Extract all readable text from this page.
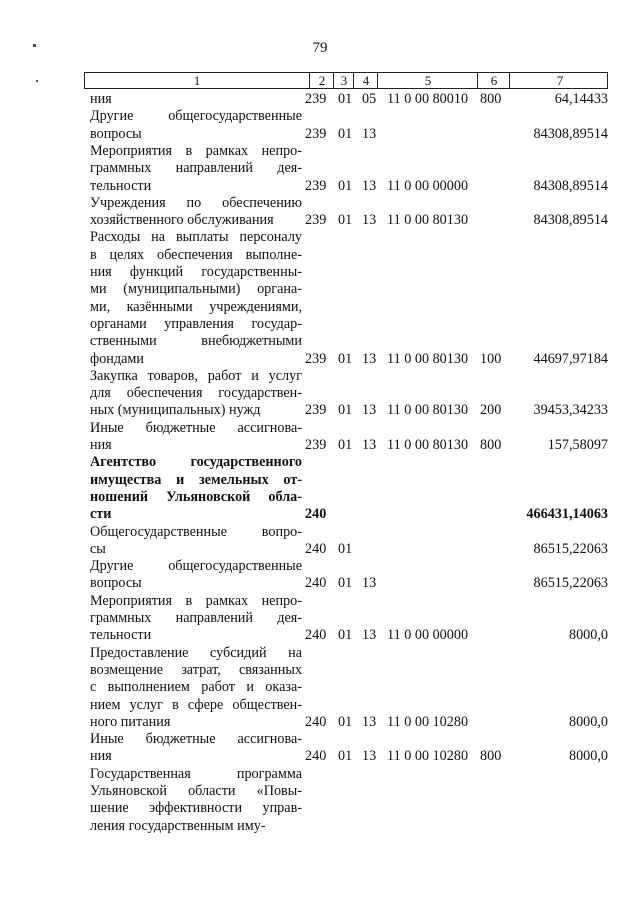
79
1	2	3	4	5	6	7
ния	239 01 05 11 0 00 80010 800	64,14433
Другие общегосударственные
вопросы	239 01 13	84308,89514
Мероприятия в рамках непро-
граммных направлений дея-
тельности	239 01 13 11 0 00 00000	84308,89514
Учреждения по обеспечению
хозяйственного обслуживания	239 01 13 11 0 00 80130	84308,89514
Расходы на выплаты персоналу
в целях обеспечения выполне-
ния функций государственны-
ми (муниципальными) органа-
ми, казёнными учреждениями,
органами управления государ-
ственными внебюджетными
фондами	239 01 13 11 0 00 80130 100	44697,97184
Закупка товаров, работ и услуг
для обеспечения государствен-
ных (муниципальных) нужд	239 01 13 11 0 00 80130 200	39453,34233
Иные бюджетные ассигнова-
ния	239 01 13 11 0 00 80130 800	157,58097
Агентство государственного
имущества и земельных от-
ношений Ульяновской обла-
сти	240	466431,14063
Общегосударственные вопро-
сы	240 01	86515,22063
Другие общегосударственные
вопросы	240 01 13	86515,22063
Мероприятия в рамках непро-
граммных направлений дея-
тельности	240 01 13 11 0 00 00000	8000,0
Предоставление субсидий на
возмещение затрат, связанных
с выполнением работ и оказа-
нием услуг в сфере обществен-
ного питания	240 01 13 11 0 00 10280	8000,0
Иные бюджетные ассигнова-
ния	240 01 13 11 0 00 10280 800	8000,0
Государственная программа
Ульяновской области «Повы-
шение эффективности управ-
ления государственным иму-
